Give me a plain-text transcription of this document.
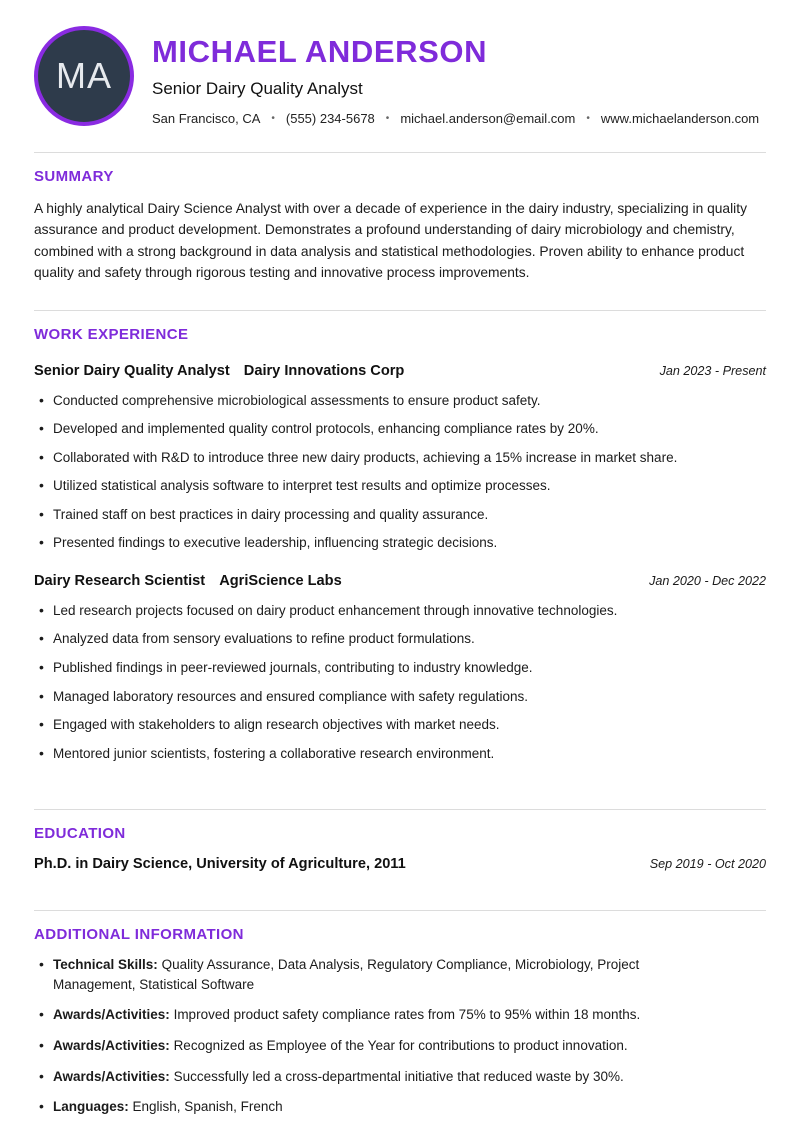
MA
MICHAEL ANDERSON
Senior Dairy Quality Analyst
San Francisco, CA • (555) 234-5678 • michael.anderson@email.com • www.michaelanderson.com
SUMMARY

A highly analytical Dairy Science Analyst with over a decade of experience in the dairy industry, specializing in quality assurance and product development. Demonstrates a profound understanding of dairy microbiology and chemistry, combined with a strong background in data analysis and statistical methodologies. Proven ability to enhance product quality and safety through rigorous testing and innovative process improvements.

WORK EXPERIENCE
Senior Dairy Quality Analyst Dairy Innovations Corp	Jan 2023 - Present
• Conducted comprehensive microbiological assessments to ensure product safety.
• Developed and implemented quality control protocols, enhancing compliance rates by 20%.
• Collaborated with R&D to introduce three new dairy products, achieving a 15% increase in market share.
• Utilized statistical analysis software to interpret test results and optimize processes.
• Trained staff on best practices in dairy processing and quality assurance.
• Presented findings to executive leadership, influencing strategic decisions.
Dairy Research Scientist AgriScience Labs	Jan 2020 - Dec 2022
• Led research projects focused on dairy product enhancement through innovative technologies.
• Analyzed data from sensory evaluations to refine product formulations.
• Published findings in peer-reviewed journals, contributing to industry knowledge.
• Managed laboratory resources and ensured compliance with safety regulations.
• Engaged with stakeholders to align research objectives with market needs.
• Mentored junior scientists, fostering a collaborative research environment.
EDUCATION
Ph.D. in Dairy Science, University of Agriculture, 2011	Sep 2019 - Oct 2020
ADDITIONAL INFORMATION
• Technical Skills: Quality Assurance, Data Analysis, Regulatory Compliance, Microbiology, Project Management, Statistical Software
• Awards/Activities: Improved product safety compliance rates from 75% to 95% within 18 months.
• Awards/Activities: Recognized as Employee of the Year for contributions to product innovation.
• Awards/Activities: Successfully led a cross-departmental initiative that reduced waste by 30%.
• Languages: English, Spanish, French
